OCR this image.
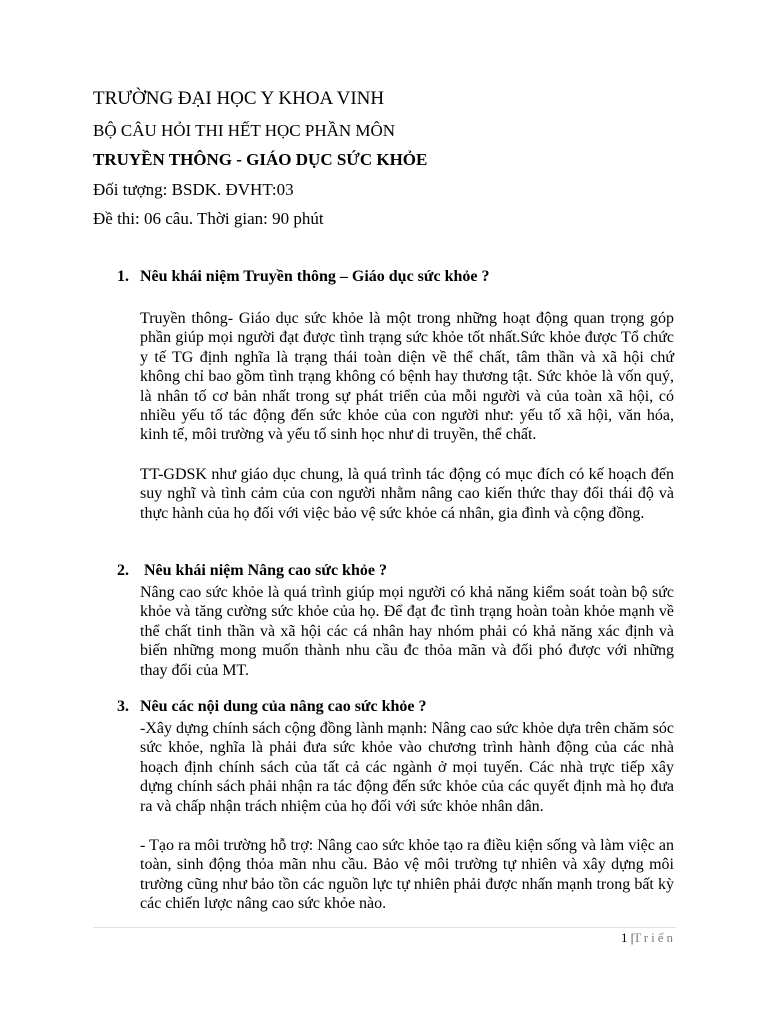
TRƯỜNG ĐẠI HỌC Y KHOA VINH

BỘ CÂU HỎI THI HẾT HỌC PHẦN MÔN

TRUYỀN THÔNG - GIÁO DỤC SỨC KHỎE

Đối tượng: BSDK. ĐVHT:03

Đề thi: 06 câu. Thời gian: 90 phút

1. Nêu khái niệm Truyền thông – Giáo dục sức khỏe ?

Truyền thông- Giáo dục sức khỏe là một trong những hoạt động quan trọng góp phần giúp mọi người đạt được tình trạng sức khỏe tốt nhất.Sức khỏe được Tổ chức y tế TG định nghĩa là trạng thái toàn diện về thể chất, tâm thần và xã hội chứ không chỉ bao gồm tình trạng không có bệnh hay thương tật. Sức khỏe là vốn quý, là nhân tố cơ bản nhất trong sự phát triển của mỗi người và của toàn xã hội, có nhiều yếu tố tác động đến sức khỏe của con người như: yếu tố xã hội, văn hóa, kinh tế, môi trường và yếu tố sinh học như di truyền, thể chất.

TT-GDSK như giáo dục chung, là quá trình tác động có mục đích có kế hoạch đến suy nghĩ và tình cảm của con người nhằm nâng cao kiến thức thay đổi thái độ và thực hành của họ đối với việc bảo vệ sức khỏe cá nhân, gia đình và cộng đồng.

2. Nêu khái niệm Nâng cao sức khỏe ?

Nâng cao sức khỏe là quá trình giúp mọi người có khả năng kiểm soát toàn bộ sức khỏe và tăng cường sức khỏe của họ. Để đạt đc tình trạng hoàn toàn khỏe mạnh về thể chất tinh thần và xã hội các cá nhân hay nhóm phải có khả năng xác định và biến những mong muốn thành nhu cầu đc thỏa mãn và đối phó được với những thay đổi của MT.

3. Nêu các nội dung của nâng cao sức khỏe ?

-Xây dựng chính sách cộng đồng lành mạnh: Nâng cao sức khỏe dựa trên chăm sóc sức khỏe, nghĩa là phải đưa sức khỏe vào chương trình hành động của các nhà hoạch định chính sách của tất cả các ngành ở mọi tuyến. Các nhà trực tiếp xây dựng chính sách phải nhận ra tác động đến sức khỏe của các quyết định mà họ đưa ra và chấp nhận trách nhiệm của họ đối với sức khỏe nhân dân.

- Tạo ra môi trường hỗ trợ: Nâng cao sức khỏe tạo ra điều kiện sống và làm việc an toàn, sinh động thỏa mãn nhu cầu. Bảo vệ môi trường tự nhiên và xây dựng môi trường cũng như bảo tồn các nguồn lực tự nhiên phải được nhấn mạnh trong bất kỳ các chiến lược nâng cao sức khỏe nào.

1 |Triển
